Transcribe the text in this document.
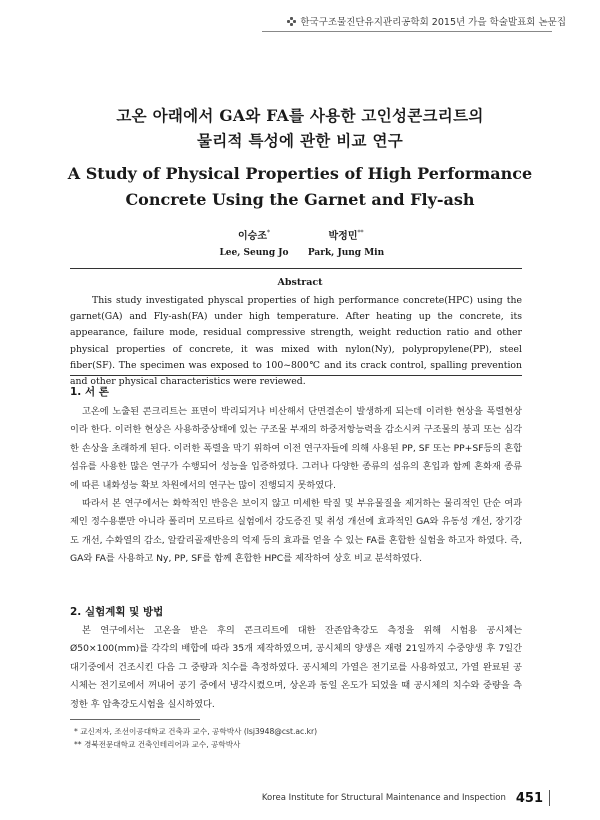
한국구조물진단유지관리공학회 2015년 가을 학술발표회 논문집
고온 아래에서 GA와 FA를 사용한 고인성콘크리트의
물리적 특성에 관한 비교 연구
A Study of Physical Properties of High Performance
Concrete Using the Garnet and Fly-ash
이승조*
Lee, Seung Jo
박정민**
Park, Jung Min
Abstract
This study investigated physcal properties of high performance concrete(HPC) using the garnet(GA) and Fly-ash(FA) under high temperature. After heating up the concrete, its appearance, failure mode, residual compressive strength, weight reduction ratio and other physical properties of concrete, it was mixed with nylon(Ny), polypropylene(PP), steel fiber(SF). The specimen was exposed to 100~800℃ and its crack control, spalling prevention and other physical characteristics were reviewed.
1. 서 론
고온에 노출된 콘크리트는 표면이 박리되거나 비산해서 단면결손이 발생하게 되는데 이러한 현상을 폭렬현상이라 한다. 이러한 현상은 사용하중상태에 있는 구조물 부재의 하중저항능력을 감소시켜 구조물의 붕괴 또는 심각한 손상을 초래하게 된다. 이러한 폭렬을 막기 위하여 이전 연구자들에 의해 사용된 PP, SF 또는 PP+SF등의 혼합섬유를 사용한 많은 연구가 수행되어 성능을 입증하였다. 그러나 다양한 종류의 섬유의 혼입과 함께 혼화재 종류에 따른 내화성능 확보 차원에서의 연구는 많이 진행되지 못하였다.
따라서 본 연구에서는 화학적인 반응은 보이지 않고 미세한 탁질 및 부유물질을 제거하는 물리적인 단순 여과제인 정수용뿐만 아니라 폴리머 모르타르 실험에서 강도증진 및 취성 개선에 효과적인 GA와 유동성 개선, 장기강도 개선, 수화열의 감소, 알칼리골재반응의 억제 등의 효과를 얻을 수 있는 FA를 혼합한 실험을 하고자 하였다. 즉, GA와 FA를 사용하고 Ny, PP, SF를 함께 혼합한 HPC를 제작하여 상호 비교 분석하였다.
2. 실험계획 및 방법
본 연구에서는 고온을 받은 후의 콘크리트에 대한 잔존압축강도 측정을 위해 시험용 공시체는 Ø50×100(mm)를 각각의 배합에 따라 35개 제작하였으며, 공시체의 양생은 재령 21일까지 수중양생 후 7일간 대기중에서 건조시킨 다음 그 중량과 치수를 측정하였다. 공시체의 가열은 전기로를 사용하였고, 가열 완료된 공시체는 전기로에서 꺼내어 공기 중에서 냉각시켰으며, 상온과 동일 온도가 되었을 때 공시체의 치수와 중량을 측정한 후 압축강도시험을 실시하였다.
* 교신저자, 조선이공대학교 건축과 교수, 공학박사 (lsj3948@cst.ac.kr)
** 경북전문대학교 건축인테리어과 교수, 공학박사
Korea Institute for Structural Maintenance and Inspection 451
